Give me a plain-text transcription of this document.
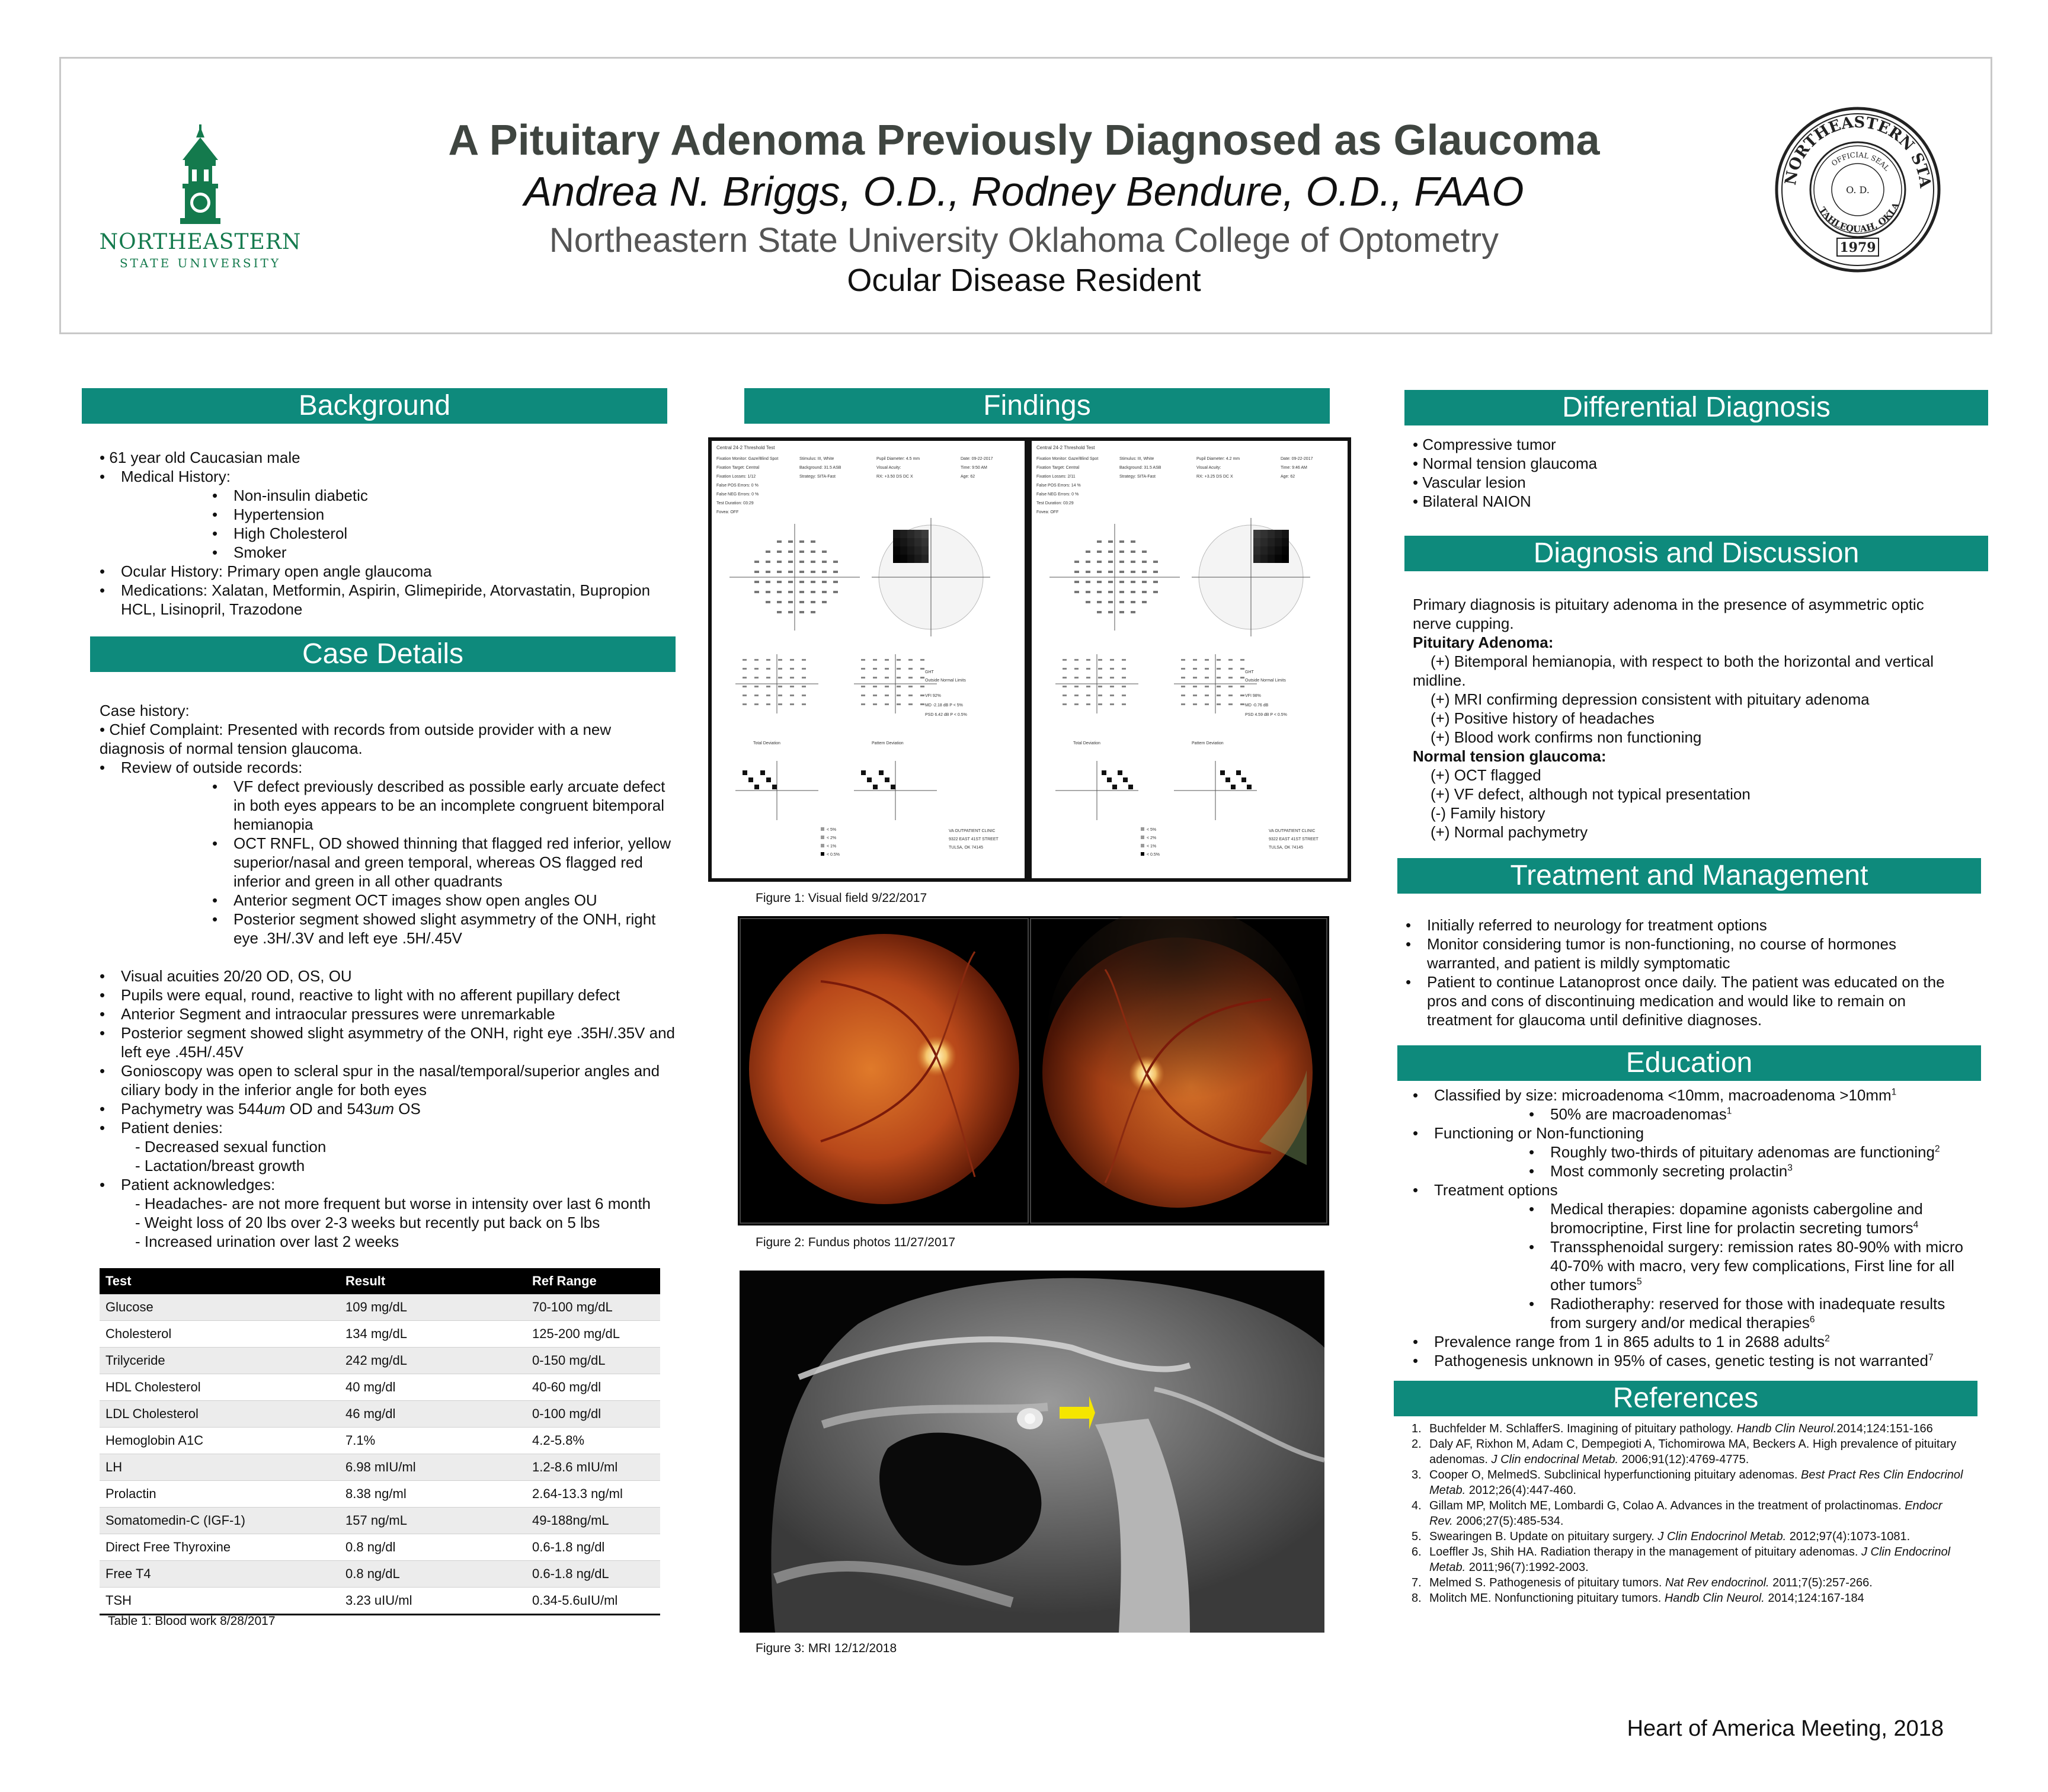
NORTHEASTERN
STATE UNIVERSITY
NORTHEASTERN STA
TAHLEQUAH, OKLA
OFFICIAL SEAL
O. D.
1979
A Pituitary Adenoma Previously Diagnosed as Glaucoma
Andrea N. Briggs, O.D., Rodney Bendure, O.D., FAAO
Northeastern State University Oklahoma College of Optometry
Ocular Disease Resident
Background

• 61 year old Caucasian male

• Medical History:

• Non-insulin diabetic

• Hypertension

• High Cholesterol

• Smoker

• Ocular History: Primary open angle glaucoma

• Medications: Xalatan, Metformin, Aspirin, Glimepiride, Atorvastatin, Bupropion

HCL, Lisinopril, Trazodone

Case Details

Case history:

• Chief Complaint: Presented with records from outside provider with a new

diagnosis of normal tension glaucoma.

• Review of outside records:

• VF defect previously described as possible early arcuate defect in both eyes appears to be an incomplete congruent bitemporal hemianopia

• OCT RNFL, OD showed thinning that flagged red inferior, yellow superior/nasal and green temporal, whereas OS flagged red inferior and green in all other quadrants

• Anterior segment OCT images show open angles OU

• Posterior segment showed slight asymmetry of the ONH, right eye .3H/.3V and left eye .5H/.45V

• Visual acuities 20/20 OD, OS, OU

• Pupils were equal, round, reactive to light with no afferent pupillary defect

• Anterior Segment and intraocular pressures were unremarkable

• Posterior segment showed slight asymmetry of the ONH, right eye .35H/.35V and left eye .45H/.45V

• Gonioscopy was open to scleral spur in the nasal/temporal/superior angles and ciliary body in the inferior angle for both eyes

• Pachymetry was 544um OD and 543um OS

• Patient denies:

- Decreased sexual function

- Lactation/breast growth

• Patient acknowledges:

- Headaches- are not more frequent but worse in intensity over last 6 month

- Weight loss of 20 lbs over 2-3 weeks but recently put back on 5 lbs

- Increased urination over last 2 weeks

Test	Result	Ref Range
Glucose	109 mg/dL	70-100 mg/dL
Cholesterol	134 mg/dL	125-200 mg/dL
Trilyceride	242 mg/dL	0-150 mg/dL
HDL Cholesterol	40 mg/dl	40-60 mg/dl
LDL Cholesterol	46 mg/dl	0-100 mg/dl
Hemoglobin A1C	7.1%	4.2-5.8%
LH	6.98 mIU/ml	1.2-8.6 mIU/ml
Prolactin	8.38 ng/ml	2.64-13.3 ng/ml
Somatomedin-C (IGF-1)	157 ng/mL	49-188ng/mL
Direct Free Thyroxine	0.8 ng/dl	0.6-1.8 ng/dl
Free T4	0.8 ng/dL	0.6-1.8 ng/dL
TSH	3.23 uIU/ml	0.34-5.6uIU/ml
Table 1: Blood work 8/28/2017
Findings
Central 24-2 Threshold Test
Fixation Monitor: Gaze/Blind Spot
Fixation Target: Central
Fixation Losses: 1/12
False POS Errors: 0 %
False NEG Errors: 0 %
Test Duration: 03:29
Fovea: OFF
Stimulus: III, White
Background: 31.5 ASB
Strategy: SITA-Fast
Pupil Diameter: 4.5 mm
Visual Acuity:
RX: +3.50 DS DC X
Date: 09-22-2017
Time: 9:50 AM
Age: 62
Total Deviation	Pattern Deviation
GHT
Outside Normal Limits
VFI 92%
MD -2.18 dB P < 5%
PSD 6.42 dB P < 0.5%
< 5%
< 2%
< 1%
< 0.5%
VA OUTPATIENT CLINIC
9322 EAST 41ST STREET
TULSA, OK 74145
Central 24-2 Threshold Test
Fixation Monitor: Gaze/Blind Spot
Fixation Target: Central
Fixation Losses: 2/11
False POS Errors: 14 %
False NEG Errors: 0 %
Test Duration: 03:29
Fovea: OFF
Stimulus: III, White
Background: 31.5 ASB
Strategy: SITA-Fast
Pupil Diameter: 4.2 mm
Visual Acuity:
RX: +3.25 DS DC X
Date: 09-22-2017
Time: 9:46 AM
Age: 62
Total Deviation	Pattern Deviation
GHT
Outside Normal Limits
VFI 98%
MD -0.76 dB
PSD 4.59 dB P < 0.5%
< 5%
< 2%
< 1%
< 0.5%
VA OUTPATIENT CLINIC
9322 EAST 41ST STREET
TULSA, OK 74145
Figure 1: Visual field 9/22/2017
Figure 2: Fundus photos 11/27/2017
Figure 3: MRI 12/12/2018
Differential Diagnosis

• Compressive tumor

• Normal tension glaucoma

• Vascular lesion

• Bilateral NAION

Diagnosis and Discussion

Primary diagnosis is pituitary adenoma in the presence of asymmetric optic

nerve cupping.

Pituitary Adenoma:

(+) Bitemporal hemianopia, with respect to both the horizontal and vertical

midline.

(+) MRI confirming depression consistent with pituitary adenoma

(+) Positive history of headaches

(+) Blood work confirms non functioning

Normal tension glaucoma:

(+) OCT flagged

(+) VF defect, although not typical presentation

(-) Family history

(+) Normal pachymetry

Treatment and Management

• Initially referred to neurology for treatment options

• Monitor considering tumor is non-functioning, no course of hormones warranted, and patient is mildly symptomatic

• Patient to continue Latanoprost once daily. The patient was educated on the pros and cons of discontinuing medication and would like to remain on treatment for glaucoma until definitive diagnoses.

Education

• Classified by size: microadenoma <10mm, macroadenoma $>10mm^1$

• 50% are macroadenomas$^1$

• Functioning or Non-functioning

• Roughly two-thirds of pituitary adenomas are functioning$^2$

• Most commonly secreting prolactin$^3$

• Treatment options

• Medical therapies: dopamine agonists cabergoline and bromocriptine, First line for prolactin secreting tumors$^4$

• Transsphenoidal surgery: remission rates 80-90% with micro 40-70% with macro, very few complications, First line for all other tumors$^5$

• Radiotheraphy: reserved for those with inadequate results from surgery and/or medical therapies$^6$

• Prevalence range from 1 in 865 adults to 1 in 2688 adults$^2$

• Pathogenesis unknown in 95% of cases, genetic testing is not warranted$^7$

References

1. Buchfelder M. SchlafferS. Imagining of pituitary pathology. Handb Clin Neurol.2014;124:151-166

2. Daly AF, Rixhon M, Adam C, Dempegioti A, Tichomirowa MA, Beckers A. High prevalence of pituitary adenomas. J Clin endocrinal Metab. 2006;91(12):4769-4775.

3. Cooper O, MelmedS. Subclinical hyperfunctioning pituitary adenomas. Best Pract Res Clin Endocrinol Metab. 2012;26(4):447-460.

4. Gillam MP, Molitch ME, Lombardi G, Colao A. Advances in the treatment of prolactinomas. Endocr Rev. 2006;27(5):485-534.

5. Swearingen B. Update on pituitary surgery. J Clin Endocrinol Metab. 2012;97(4):1073-1081.

6. Loeffler Js, Shih HA. Radiation therapy in the management of pituitary adenomas. J Clin Endocrinol Metab. 2011;96(7):1992-2003.

7. Melmed S. Pathogenesis of pituitary tumors. Nat Rev endocrinol. 2011;7(5):257-266.

8. Molitch ME. Nonfunctioning pituitary tumors. Handb Clin Neurol. 2014;124:167-184

Heart of America Meeting, 2018
